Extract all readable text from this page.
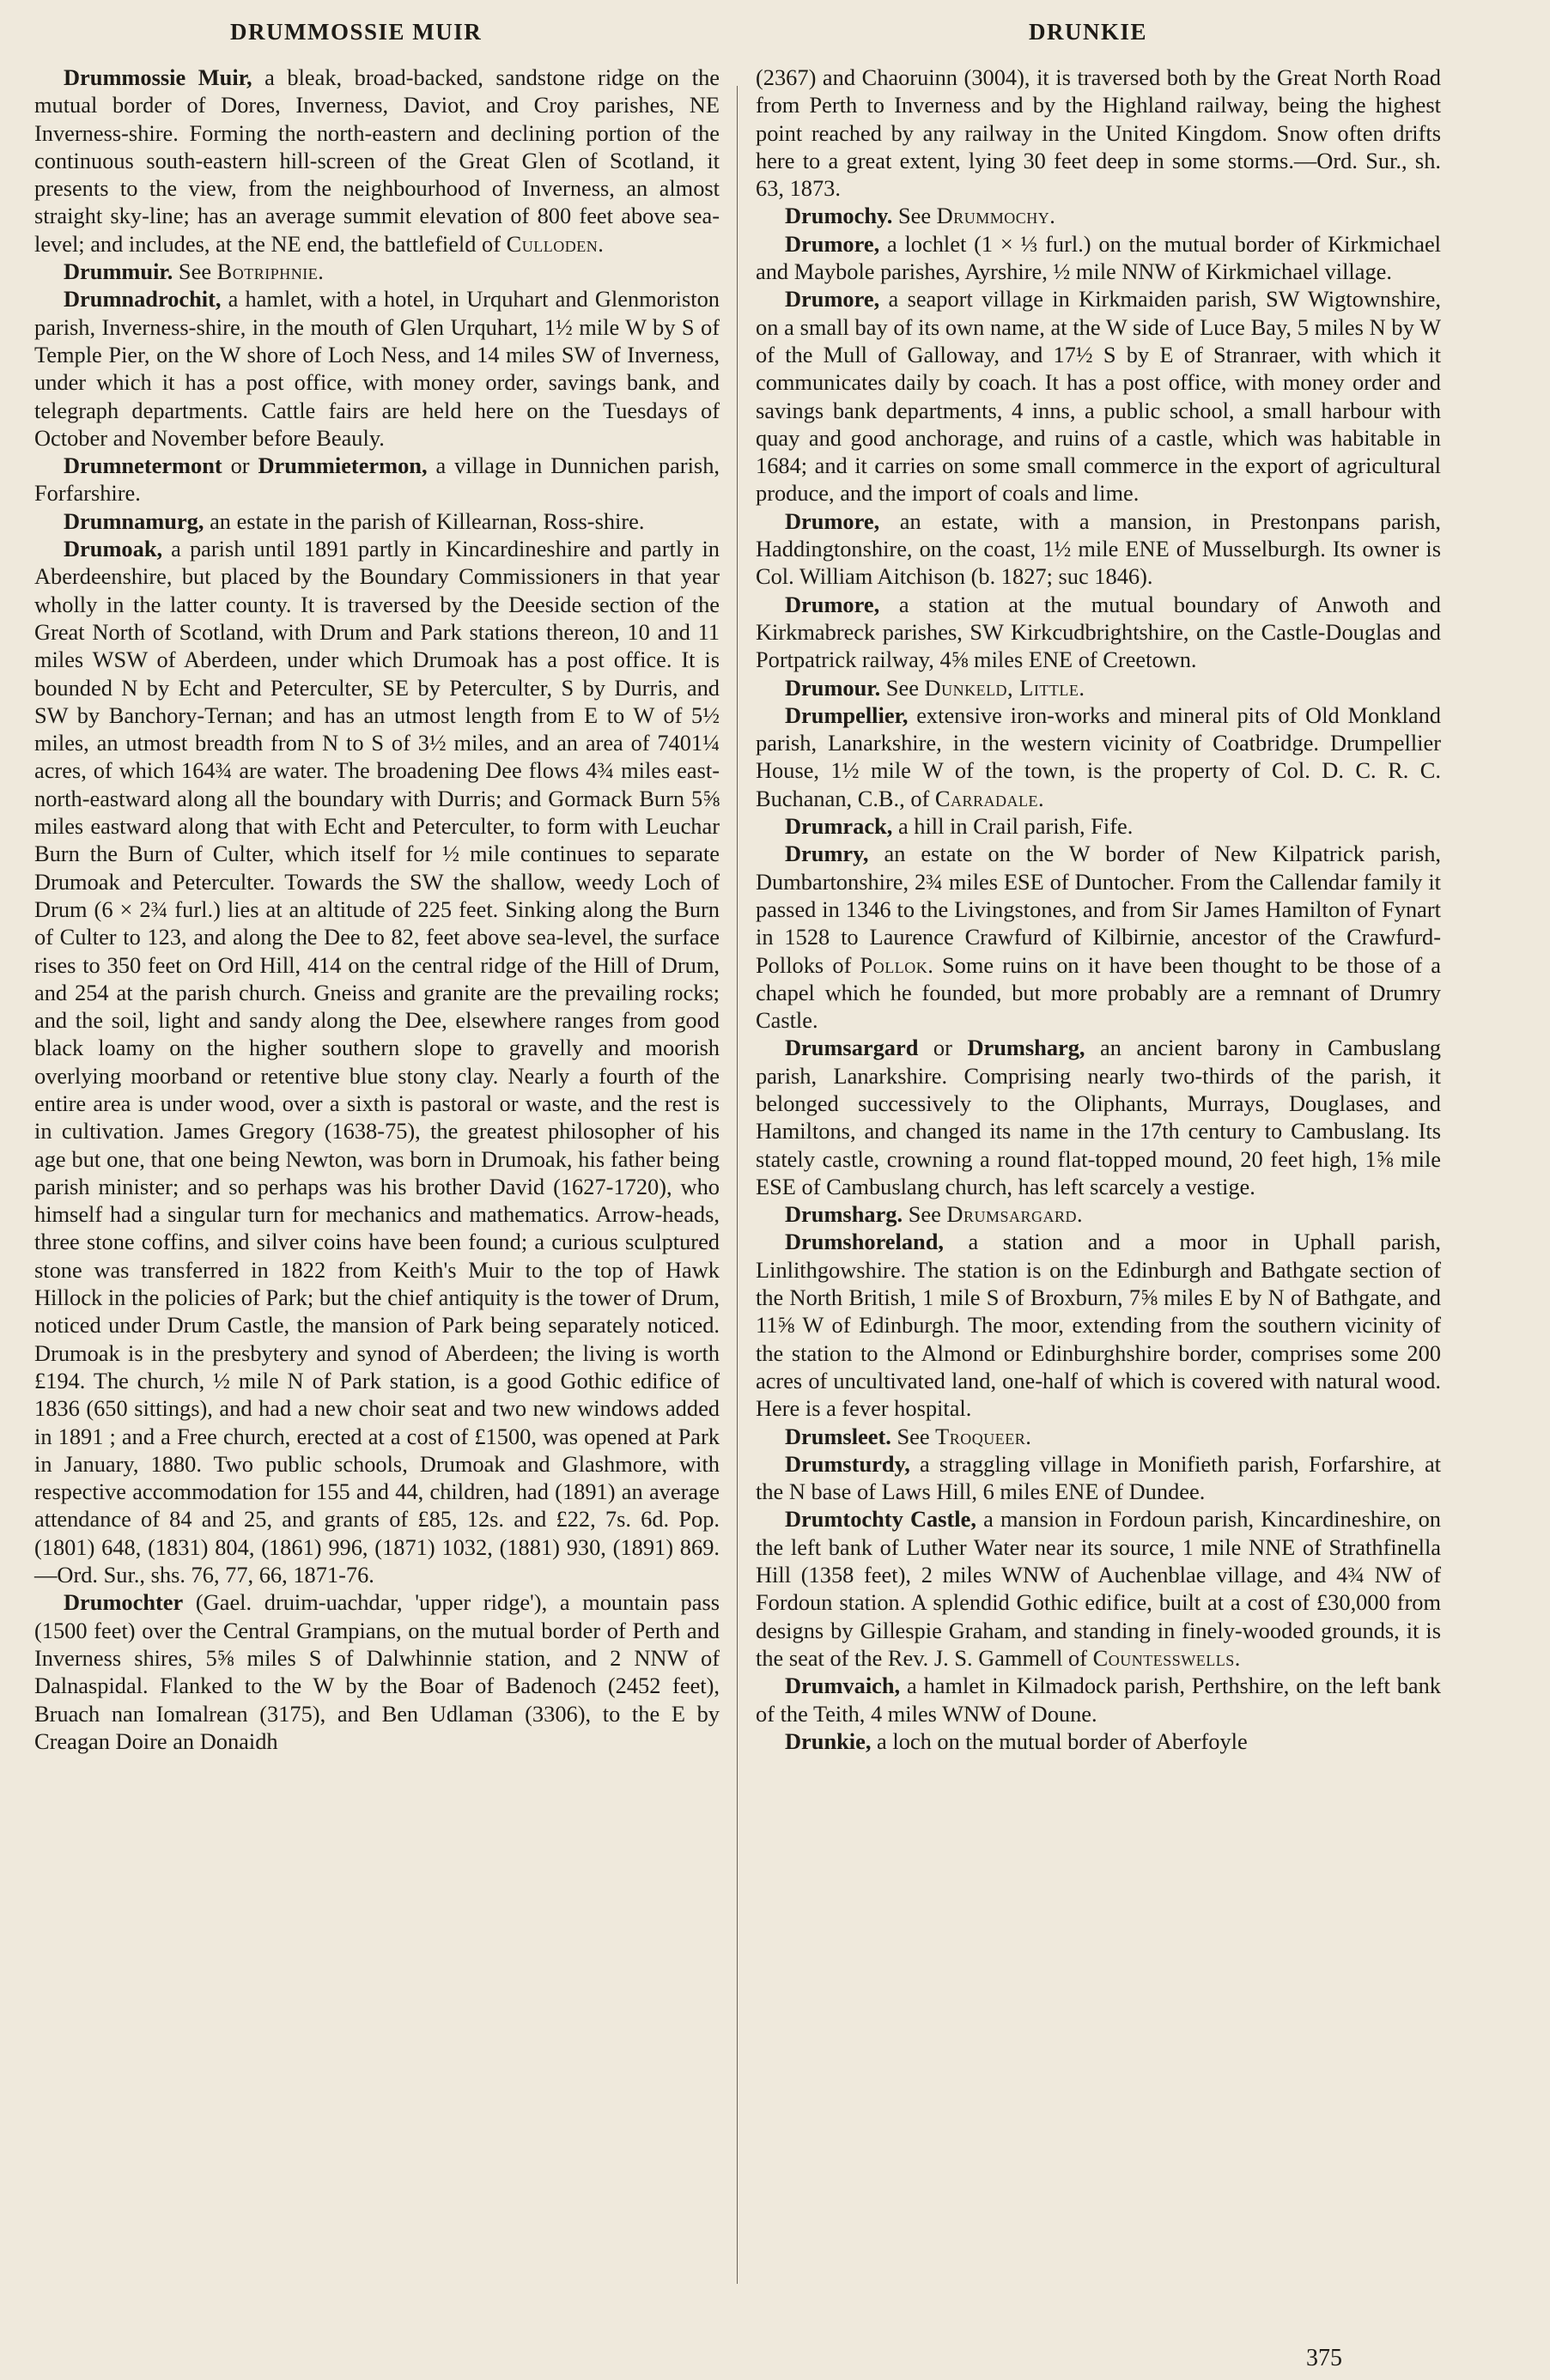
DRUMMOSSIE MUIR	DRUNKIE

Drummossie Muir, a bleak, broad-backed, sandstone ridge on the mutual border of Dores, Inverness, Daviot, and Croy parishes, NE Inverness-shire. Forming the north-eastern and declining portion of the continuous south-eastern hill-screen of the Great Glen of Scotland, it presents to the view, from the neighbourhood of Inverness, an almost straight sky-line; has an average summit elevation of 800 feet above sea-level; and includes, at the NE end, the battlefield of Culloden.

Drummuir. See Botriphnie.

Drumnadrochit, a hamlet, with a hotel, in Urquhart and Glenmoriston parish, Inverness-shire, in the mouth of Glen Urquhart, 1½ mile W by S of Temple Pier, on the W shore of Loch Ness, and 14 miles SW of Inverness, under which it has a post office, with money order, savings bank, and telegraph departments. Cattle fairs are held here on the Tuesdays of October and November before Beauly.

Drumnetermont or Drummietermon, a village in Dunnichen parish, Forfarshire.

Drumnamurg, an estate in the parish of Killearnan, Ross-shire.

Drumoak, a parish until 1891 partly in Kincardineshire and partly in Aberdeenshire, but placed by the Boundary Commissioners in that year wholly in the latter county. It is traversed by the Deeside section of the Great North of Scotland, with Drum and Park stations thereon, 10 and 11 miles WSW of Aberdeen, under which Drumoak has a post office. It is bounded N by Echt and Peterculter, SE by Peterculter, S by Durris, and SW by Banchory-Ternan; and has an utmost length from E to W of 5½ miles, an utmost breadth from N to S of 3½ miles, and an area of 7401¼ acres, of which 164¾ are water. The broadening Dee flows 4¾ miles east-north-eastward along all the boundary with Durris; and Gormack Burn 5⅝ miles eastward along that with Echt and Peterculter, to form with Leuchar Burn the Burn of Culter, which itself for ½ mile continues to separate Drumoak and Peterculter. Towards the SW the shallow, weedy Loch of Drum (6 × 2¾ furl.) lies at an altitude of 225 feet. Sinking along the Burn of Culter to 123, and along the Dee to 82, feet above sea-level, the surface rises to 350 feet on Ord Hill, 414 on the central ridge of the Hill of Drum, and 254 at the parish church. Gneiss and granite are the prevailing rocks; and the soil, light and sandy along the Dee, elsewhere ranges from good black loamy on the higher southern slope to gravelly and moorish overlying moorband or retentive blue stony clay. Nearly a fourth of the entire area is under wood, over a sixth is pastoral or waste, and the rest is in cultivation. James Gregory (1638-75), the greatest philosopher of his age but one, that one being Newton, was born in Drumoak, his father being parish minister; and so perhaps was his brother David (1627-1720), who himself had a singular turn for mechanics and mathematics. Arrow-heads, three stone coffins, and silver coins have been found; a curious sculptured stone was transferred in 1822 from Keith's Muir to the top of Hawk Hillock in the policies of Park; but the chief antiquity is the tower of Drum, noticed under Drum Castle, the mansion of Park being separately noticed. Drumoak is in the presbytery and synod of Aberdeen; the living is worth £194. The church, ½ mile N of Park station, is a good Gothic edifice of 1836 (650 sittings), and had a new choir seat and two new windows added in 1891 ; and a Free church, erected at a cost of £1500, was opened at Park in January, 1880. Two public schools, Drumoak and Glashmore, with respective accommodation for 155 and 44, children, had (1891) an average attendance of 84 and 25, and grants of £85, 12s. and £22, 7s. 6d. Pop. (1801) 648, (1831) 804, (1861) 996, (1871) 1032, (1881) 930, (1891) 869.—Ord. Sur., shs. 76, 77, 66, 1871-76.

Drumochter (Gael. druim-uachdar, 'upper ridge'), a mountain pass (1500 feet) over the Central Grampians, on the mutual border of Perth and Inverness shires, 5⅝ miles S of Dalwhinnie station, and 2 NNW of Dalnaspidal. Flanked to the W by the Boar of Badenoch (2452 feet), Bruach nan Iomalrean (3175), and Ben Udlaman (3306), to the E by Creagan Doire an Donaidh

(2367) and Chaoruinn (3004), it is traversed both by the Great North Road from Perth to Inverness and by the Highland railway, being the highest point reached by any railway in the United Kingdom. Snow often drifts here to a great extent, lying 30 feet deep in some storms.—Ord. Sur., sh. 63, 1873.

Drumochy. See Drummochy.

Drumore, a lochlet (1 × ⅓ furl.) on the mutual border of Kirkmichael and Maybole parishes, Ayrshire, ½ mile NNW of Kirkmichael village.

Drumore, a seaport village in Kirkmaiden parish, SW Wigtownshire, on a small bay of its own name, at the W side of Luce Bay, 5 miles N by W of the Mull of Galloway, and 17½ S by E of Stranraer, with which it communicates daily by coach. It has a post office, with money order and savings bank departments, 4 inns, a public school, a small harbour with quay and good anchorage, and ruins of a castle, which was habitable in 1684; and it carries on some small commerce in the export of agricultural produce, and the import of coals and lime.

Drumore, an estate, with a mansion, in Prestonpans parish, Haddingtonshire, on the coast, 1½ mile ENE of Musselburgh. Its owner is Col. William Aitchison (b. 1827; suc 1846).

Drumore, a station at the mutual boundary of Anwoth and Kirkmabreck parishes, SW Kirkcudbrightshire, on the Castle-Douglas and Portpatrick railway, 4⅝ miles ENE of Creetown.

Drumour. See Dunkeld, Little.

Drumpellier, extensive iron-works and mineral pits of Old Monkland parish, Lanarkshire, in the western vicinity of Coatbridge. Drumpellier House, 1½ mile W of the town, is the property of Col. D. C. R. C. Buchanan, C.B., of Carradale.

Drumrack, a hill in Crail parish, Fife.

Drumry, an estate on the W border of New Kilpatrick parish, Dumbartonshire, 2¾ miles ESE of Duntocher. From the Callendar family it passed in 1346 to the Livingstones, and from Sir James Hamilton of Fynart in 1528 to Laurence Crawfurd of Kilbirnie, ancestor of the Crawfurd-Polloks of Pollok. Some ruins on it have been thought to be those of a chapel which he founded, but more probably are a remnant of Drumry Castle.

Drumsargard or Drumsharg, an ancient barony in Cambuslang parish, Lanarkshire. Comprising nearly two-thirds of the parish, it belonged successively to the Oliphants, Murrays, Douglases, and Hamiltons, and changed its name in the 17th century to Cambuslang. Its stately castle, crowning a round flat-topped mound, 20 feet high, 1⅝ mile ESE of Cambuslang church, has left scarcely a vestige.

Drumsharg. See Drumsargard.

Drumshoreland, a station and a moor in Uphall parish, Linlithgowshire. The station is on the Edinburgh and Bathgate section of the North British, 1 mile S of Broxburn, 7⅝ miles E by N of Bathgate, and 11⅝ W of Edinburgh. The moor, extending from the southern vicinity of the station to the Almond or Edinburghshire border, comprises some 200 acres of uncultivated land, one-half of which is covered with natural wood. Here is a fever hospital.

Drumsleet. See Troqueer.

Drumsturdy, a straggling village in Monifieth parish, Forfarshire, at the N base of Laws Hill, 6 miles ENE of Dundee.

Drumtochty Castle, a mansion in Fordoun parish, Kincardineshire, on the left bank of Luther Water near its source, 1 mile NNE of Strathfinella Hill (1358 feet), 2 miles WNW of Auchenblae village, and 4¾ NW of Fordoun station. A splendid Gothic edifice, built at a cost of £30,000 from designs by Gillespie Graham, and standing in finely-wooded grounds, it is the seat of the Rev. J. S. Gammell of Countesswells.

Drumvaich, a hamlet in Kilmadock parish, Perthshire, on the left bank of the Teith, 4 miles WNW of Doune.

Drunkie, a loch on the mutual border of Aberfoyle

375
